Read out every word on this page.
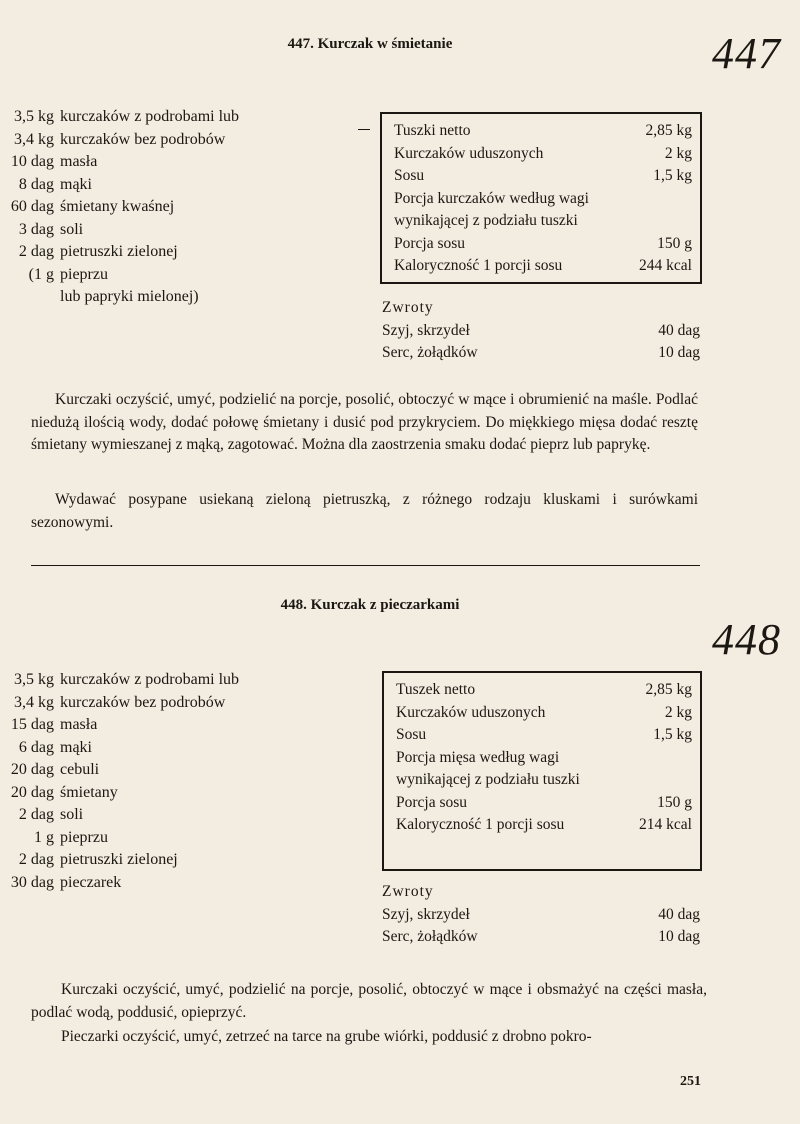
447
447. Kurczak w śmietanie
3,5 kg kurczaków z podrobami lub
3,4 kg kurczaków bez podrobów
10 dag masła
8 dag mąki
60 dag śmietany kwaśnej
3 dag soli
2 dag pietruszki zielonej
(1 g pieprzu
lub papryki mielonej)
Tuszki netto	2,85 kg
Kurczaków uduszonych	2 kg
Sosu	1,5 kg
Porcja kurczaków według wagi
wynikającej z podziału tuszki
Porcja sosu	150 g
Kaloryczność 1 porcji sosu	244 kcal
Zwroty
Szyj, skrzydeł	40 dag
Serc, żołądków	10 dag
Kurczaki oczyścić, umyć, podzielić na porcje, posolić, obtoczyć w mące i obrumienić na maśle. Podlać niedużą ilością wody, dodać połowę śmietany i dusić pod przykryciem. Do miękkiego mięsa dodać resztę śmietany wymieszanej z mąką, zagotować. Można dla zaostrzenia smaku dodać pieprz lub paprykę.
Wydawać posypane usiekaną zieloną pietruszką, z różnego rodzaju kluskami i surówkami sezonowymi.
448. Kurczak z pieczarkami
448
3,5 kg kurczaków z podrobami lub
3,4 kg kurczaków bez podrobów
15 dag masła
6 dag mąki
20 dag cebuli
20 dag śmietany
2 dag soli
1 g pieprzu
2 dag pietruszki zielonej
30 dag pieczarek
Tuszek netto	2,85 kg
Kurczaków uduszonych	2 kg
Sosu	1,5 kg
Porcja mięsa według wagi
wynikającej z podziału tuszki
Porcja sosu	150 g
Kaloryczność 1 porcji sosu	214 kcal
Zwroty
Szyj, skrzydeł	40 dag
Serc, żołądków	10 dag
Kurczaki oczyścić, umyć, podzielić na porcje, posolić, obtoczyć w mące i obsmażyć na części masła, podlać wodą, poddusić, opieprzyć.
Pieczarki oczyścić, umyć, zetrzeć na tarce na grube wiórki, poddusić z drobno pokro-
251
